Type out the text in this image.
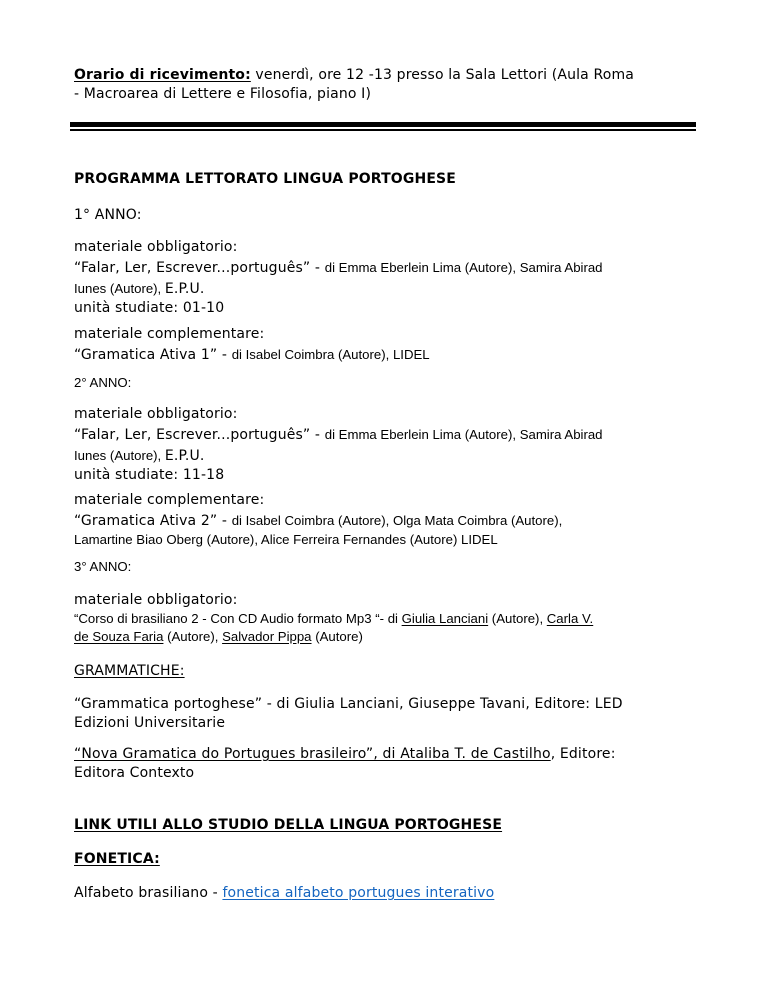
Orario di ricevimento: venerdì, ore 12 -13 presso la Sala Lettori (Aula Roma

- Macroarea di Lettere e Filosofia, piano I)

PROGRAMMA LETTORATO LINGUA PORTOGHESE
1° ANNO:

materiale obbligatorio:

“Falar, Ler, Escrever...português” - di Emma Eberlein Lima (Autore), Samira Abirad

Iunes (Autore), E.P.U.

unità studiate: 01-10

materiale complementare:

“Gramatica Ativa 1” - di Isabel Coimbra (Autore), LIDEL

2° ANNO:

materiale obbligatorio:

“Falar, Ler, Escrever...português” - di Emma Eberlein Lima (Autore), Samira Abirad

Iunes (Autore), E.P.U.

unità studiate: 11-18

materiale complementare:

“Gramatica Ativa 2” - di Isabel Coimbra (Autore), Olga Mata Coimbra (Autore),

Lamartine Biao Oberg (Autore), Alice Ferreira Fernandes (Autore) LIDEL

3° ANNO:

materiale obbligatorio:

“Corso di brasiliano 2 - Con CD Audio formato Mp3 “- di Giulia Lanciani (Autore), Carla V.

de Souza Faria (Autore), Salvador Pippa (Autore)

GRAMMATICHE:

“Grammatica portoghese” - di Giulia Lanciani, Giuseppe Tavani, Editore: LED

Edizioni Universitarie

“Nova Gramatica do Portugues brasileiro”, di Ataliba T. de Castilho, Editore:

Editora Contexto

LINK UTILI ALLO STUDIO DELLA LINGUA PORTOGHESE
FONETICA:
Alfabeto brasiliano - fonetica alfabeto portugues interativo
